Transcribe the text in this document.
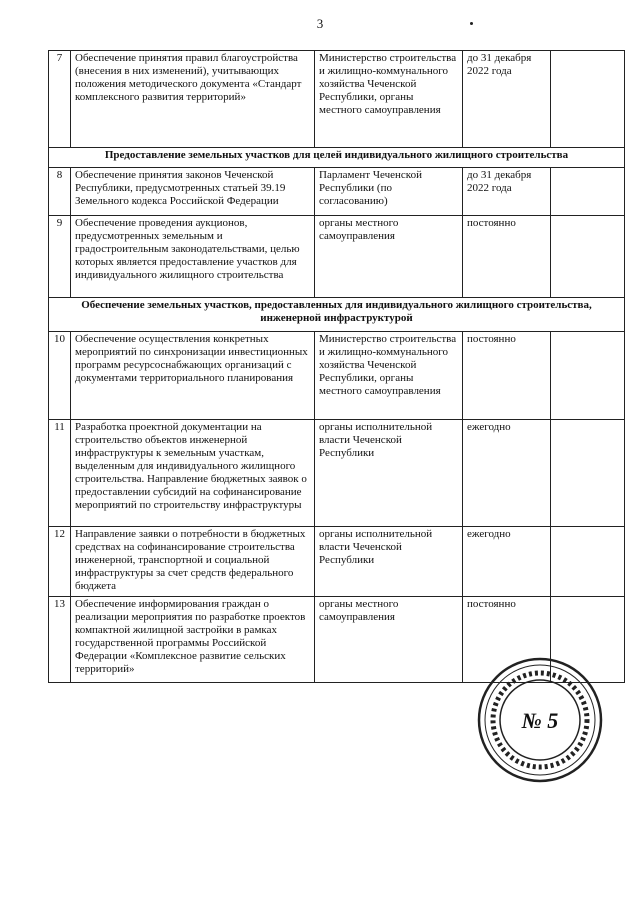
3
7	Обеспечение принятия правил благоустройства (внесения в них изменений), учитывающих положения методического документа «Стандарт комплексного развития территорий»	Министерство строительства и жилищно-коммунального хозяйства Чеченской Республики, органы местного самоуправления	до 31 декабря 2022 года	
Предоставление земельных участков для целей индивидуального жилищного строительства				
8	Обеспечение принятия законов Чеченской Республики, предусмотренных статьей 39.19 Земельного кодекса Российской Федерации	Парламент Чеченской Республики (по согласованию)	до 31 декабря 2022 года	
9	Обеспечение проведения аукционов, предусмотренных земельным и градостроительным законодательствами, целью которых является предоставление участков для индивидуального жилищного строительства	органы местного самоуправления	постоянно	
Обеспечение земельных участков, предоставленных для индивидуального жилищного строительства, инженерной инфраструктурой				
10	Обеспечение осуществления конкретных мероприятий по синхронизации инвестиционных программ ресурсоснабжающих организаций с документами территориального планирования	Министерство строительства и жилищно-коммунального хозяйства Чеченской Республики, органы местного самоуправления	постоянно	
11	Разработка проектной документации на строительство объектов инженерной инфраструктуры к земельным участкам, выделенным для индивидуального жилищного строительства. Направление бюджетных заявок о предоставлении субсидий на софинансирование мероприятий по строительству инфраструктуры	органы исполнительной власти Чеченской Республики	ежегодно	
12	Направление заявки о потребности в бюджетных средствах на софинансирование строительства инженерной, транспортной и социальной инфраструктуры за счет средств федерального бюджета	органы исполнительной власти Чеченской Республики	ежегодно	
13	Обеспечение информирования граждан о реализации мероприятия по разработке проектов компактной жилищной застройки в рамках государственной программы Российской Федерации «Комплексное развитие сельских территорий»	органы местного самоуправления	постоянно	
№ 5
